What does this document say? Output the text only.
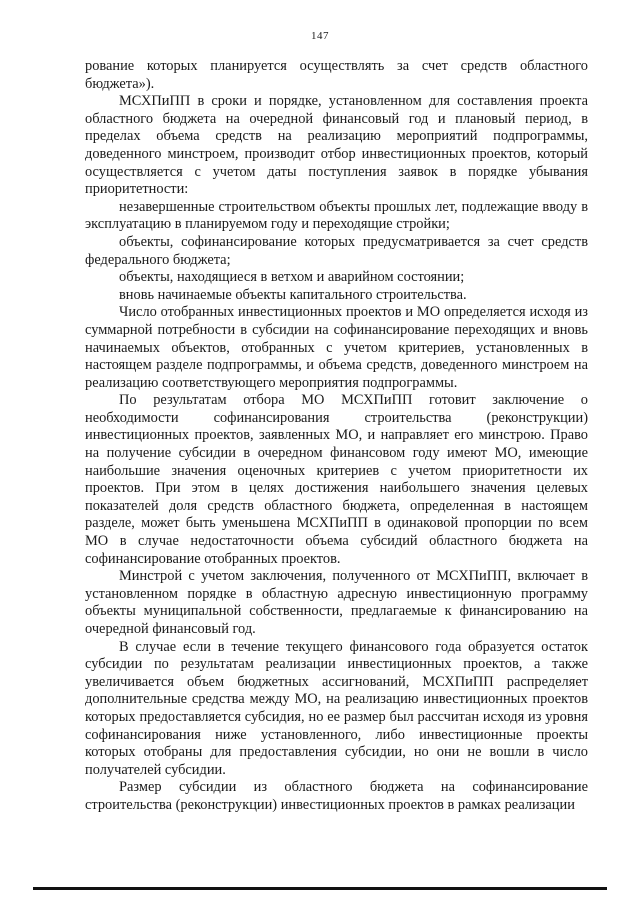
147

рование которых планируется осуществлять за счет средств областного бюджета»).

МСХПиПП в сроки и порядке, установленном для составления проекта областного бюджета на очередной финансовый год и плановый период, в пределах объема средств на реализацию мероприятий подпрограммы, доведенного минстроем, производит отбор инвестиционных проектов, который осуществляется с учетом даты поступления заявок в порядке убывания приоритетности:

незавершенные строительством объекты прошлых лет, подлежащие вводу в эксплуатацию в планируемом году и переходящие стройки;

объекты, софинансирование которых предусматривается за счет средств федерального бюджета;

объекты, находящиеся в ветхом и аварийном состоянии;

вновь начинаемые объекты капитального строительства.

Число отобранных инвестиционных проектов и МО определяется исходя из суммарной потребности в субсидии на софинансирование переходящих и вновь начинаемых объектов, отобранных с учетом критериев, установленных в настоящем разделе подпрограммы, и объема средств, доведенного минстроем на реализацию соответствующего мероприятия подпрограммы.

По результатам отбора МО МСХПиПП готовит заключение о необходимости софинансирования строительства (реконструкции) инвестиционных проектов, заявленных МО, и направляет его минстрою. Право на получение субсидии в очередном финансовом году имеют МО, имеющие наибольшие значения оценочных критериев с учетом приоритетности их проектов. При этом в целях достижения наибольшего значения целевых показателей доля средств областного бюджета, определенная в настоящем разделе, может быть уменьшена МСХПиПП в одинаковой пропорции по всем МО в случае недостаточности объема субсидий областного бюджета на софинансирование отобранных проектов.

Минстрой с учетом заключения, полученного от МСХПиПП, включает в установленном порядке в областную адресную инвестиционную программу объекты муниципальной собственности, предлагаемые к финансированию на очередной финансовый год.

В случае если в течение текущего финансового года образуется остаток субсидии по результатам реализации инвестиционных проектов, а также увеличивается объем бюджетных ассигнований, МСХПиПП распределяет дополнительные средства между МО, на реализацию инвестиционных проектов которых предоставляется субсидия, но ее размер был рассчитан исходя из уровня софинансирования ниже установленного, либо инвестиционные проекты которых отобраны для предоставления субсидии, но они не вошли в число получателей субсидии.

Размер субсидии из областного бюджета на софинансирование строительства (реконструкции) инвестиционных проектов в рамках реализации
